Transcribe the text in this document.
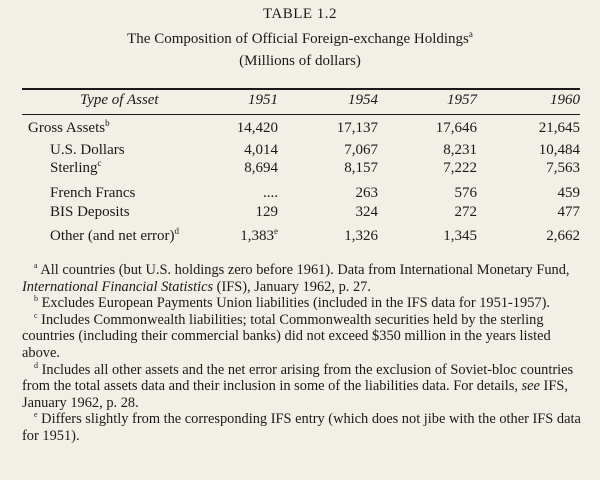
TABLE 1.2
The Composition of Official Foreign-exchange Holdings$^a$
(Millions of dollars)
Type of Asset	1951	1954	1957	1960
Gross Assets$^b$	14,420	17,137	17,646	21,645
U.S. Dollars	4,014	7,067	8,231	10,484
Sterling$^c$	8,694	8,157	7,222	7,563
French Francs	....	263	576	459
BIS Deposits	129	324	272	477
Other (and net error)$^d$	1,383e	1,326	1,345	2,662

$^a$ All countries (but U.S. holdings zero before 1961). Data from International Monetary Fund, International Financial Statistics (IFS), January 1962, p. 27.

$^b$ Excludes European Payments Union liabilities (included in the IFS data for 1951-1957).

$^c$ Includes Commonwealth liabilities; total Commonwealth securities held by the sterling countries (including their commercial banks) did not exceed $350 million in the years listed above.

$^d$ Includes all other assets and the net error arising from the exclusion of Soviet-bloc countries from the total assets data and their inclusion in some of the liabilities data. For details, see IFS, January 1962, p. 28.

$^e$ Differs slightly from the corresponding IFS entry (which does not jibe with the other IFS data for 1951).
